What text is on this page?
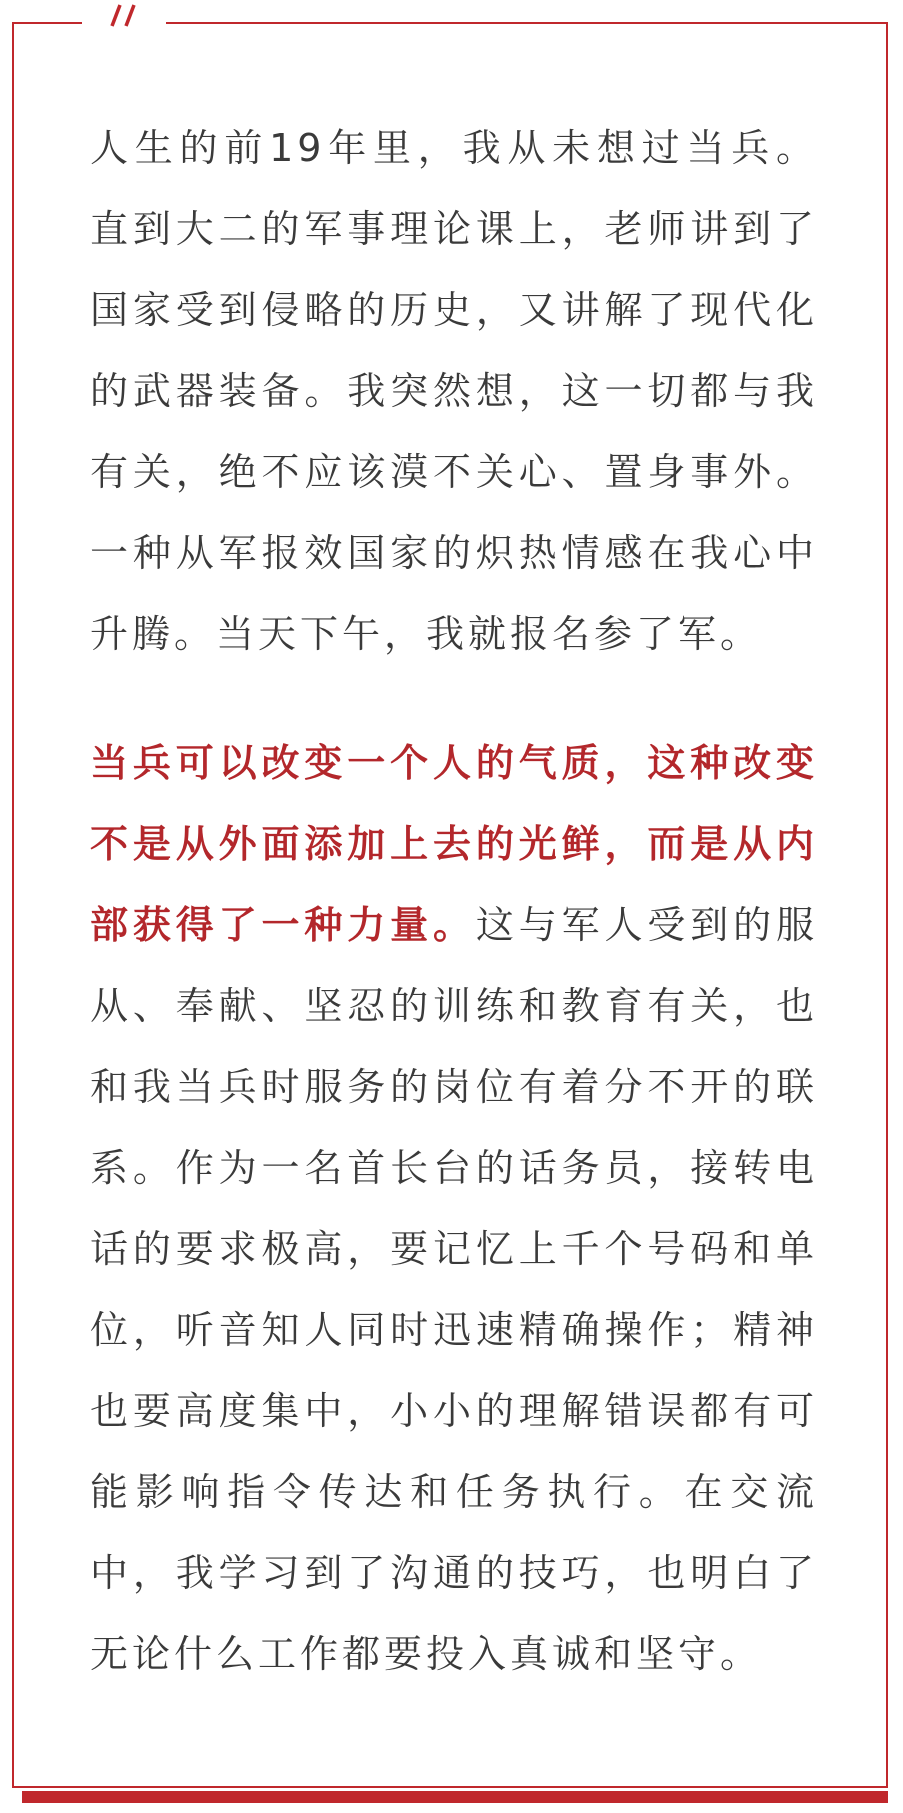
人生的前19年里，我从未想过当兵。直到大二的军事理论课上，老师讲到了国家受到侵略的历史，又讲解了现代化的武器装备。我突然想，这一切都与我有关，绝不应该漠不关心、置身事外。一种从军报效国家的炽热情感在我心中升腾。当天下午，我就报名参了军。

当兵可以改变一个人的气质，这种改变不是从外面添加上去的光鲜，而是从内部获得了一种力量。这与军人受到的服从、奉献、坚忍的训练和教育有关，也和我当兵时服务的岗位有着分不开的联系。作为一名首长台的话务员，接转电话的要求极高，要记忆上千个号码和单位，听音知人同时迅速精确操作；精神也要高度集中，小小的理解错误都有可能影响指令传达和任务执行。在交流中，我学习到了沟通的技巧，也明白了无论什么工作都要投入真诚和坚守。
